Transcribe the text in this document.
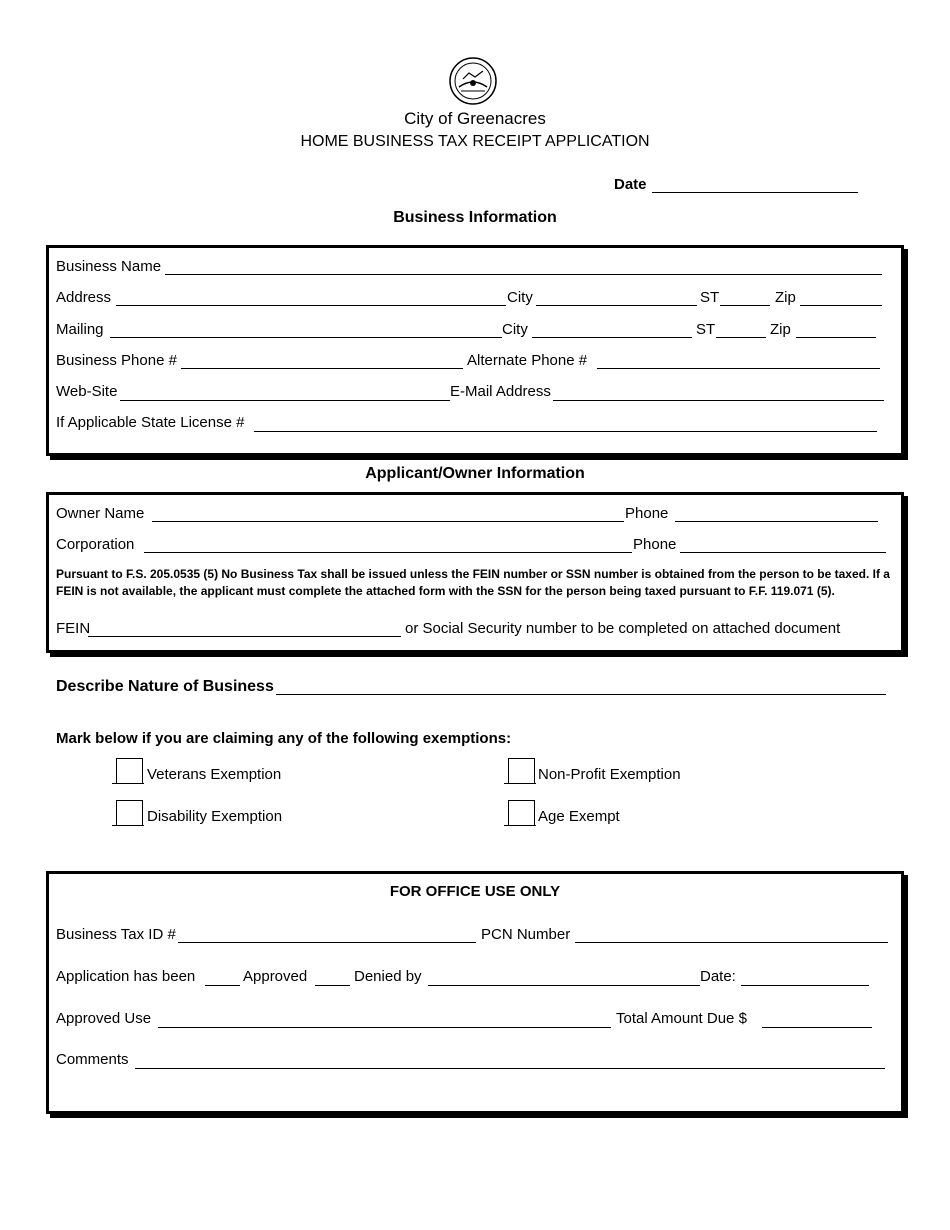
City of Greenacres
HOME BUSINESS TAX RECEIPT APPLICATION
Date
Business Information
Business Name
Address	City	ST	Zip
Mailing	City	ST	Zip
Business Phone #	Alternate Phone #
Web-Site	E-Mail Address
If Applicable State License #
Applicant/Owner Information
Owner Name	Phone
Corporation	Phone
Pursuant to F.S. 205.0535 (5) No Business Tax shall be issued unless the FEIN number or SSN number is obtained from the person to be taxed. If a FEIN is not available, the applicant must complete the attached form with the SSN for the person being taxed pursuant to F.F. 119.071 (5).
FEIN	or Social Security number to be completed on attached document
Describe Nature of Business
Mark below if you are claiming any of the following exemptions:
Veterans Exemption	Non-Profit Exemption
Disability Exemption	Age Exempt
FOR OFFICE USE ONLY
Business Tax ID #	PCN Number
Application has been	Approved	Denied by	Date:
Approved Use	Total Amount Due $
Comments
